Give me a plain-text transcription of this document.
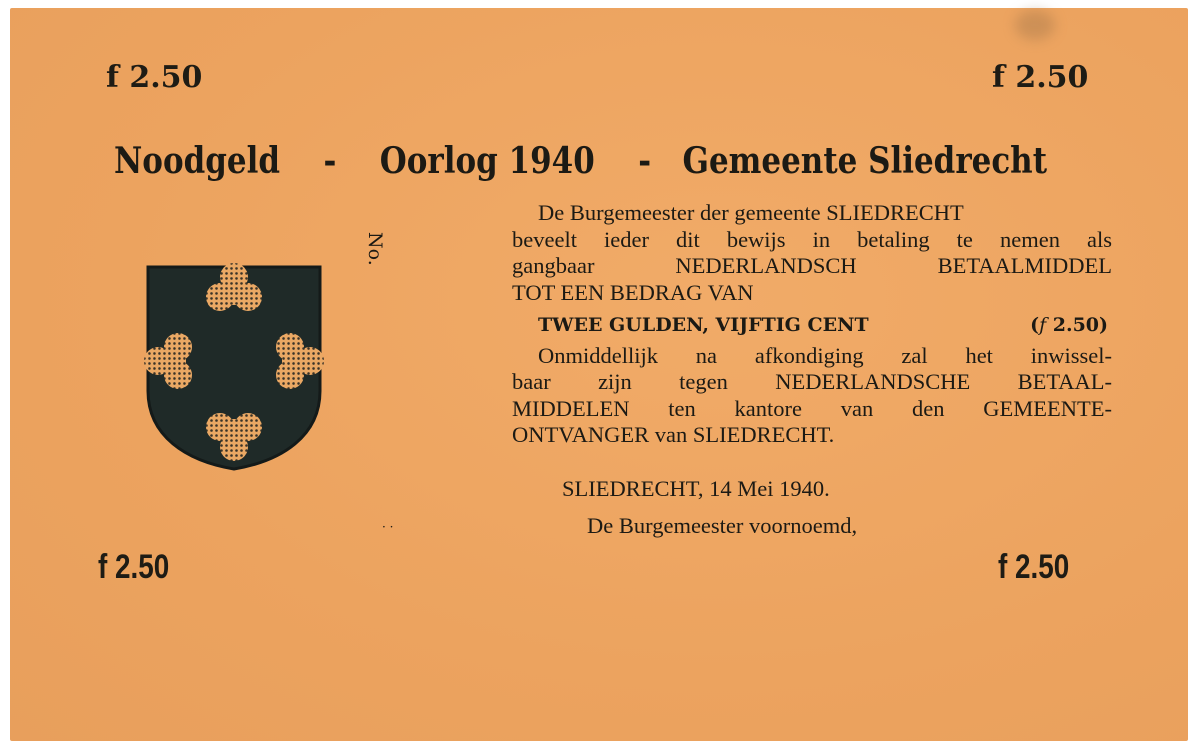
f 2.50	f 2.50
Noodgeld - Oorlog 1940 - Gemeente Sliedrecht
No.
· ·
De Burgemeester der gemeente SLIEDRECHT
beveelt ieder dit bewijs in betaling te nemen als
gangbaar NEDERLANDSCH BETAALMIDDEL
TOT EEN BEDRAG VAN
TWEE GULDEN, VIJFTIG CENT	(f 2.50)
Onmiddellijk na afkondiging zal het inwissel-
baar zijn tegen NEDERLANDSCHE BETAAL-
MIDDELEN ten kantore van den GEMEENTE-
ONTVANGER van SLIEDRECHT.
SLIEDRECHT, 14 Mei 1940.
De Burgemeester voornoemd,
f 2.50	f 2.50
